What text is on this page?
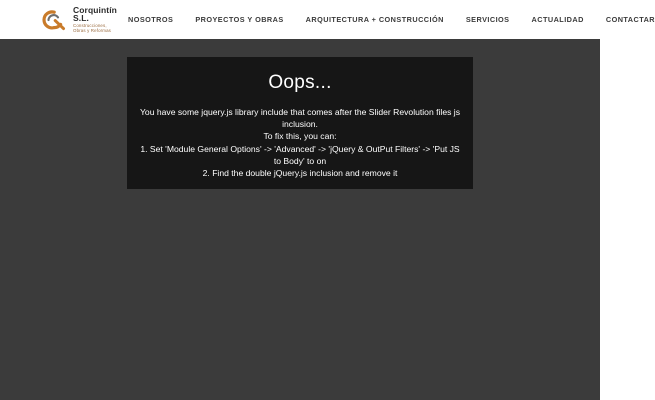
Corquintín S.L.
Construcciones, Obras y Reformas
NOSOTROS	PROYECTOS Y OBRAS	ARQUITECTURA + CONSTRUCCIÓN	SERVICIOS	ACTUALIDAD	CONTACTAR
Oops...

You have some jquery.js library include that comes after the Slider Revolution files js inclusion.

To fix this, you can:

1. Set 'Module General Options' -> 'Advanced' -> 'jQuery & OutPut Filters' -> 'Put JS to Body' to on
2. Find the double jQuery.js inclusion and remove it
